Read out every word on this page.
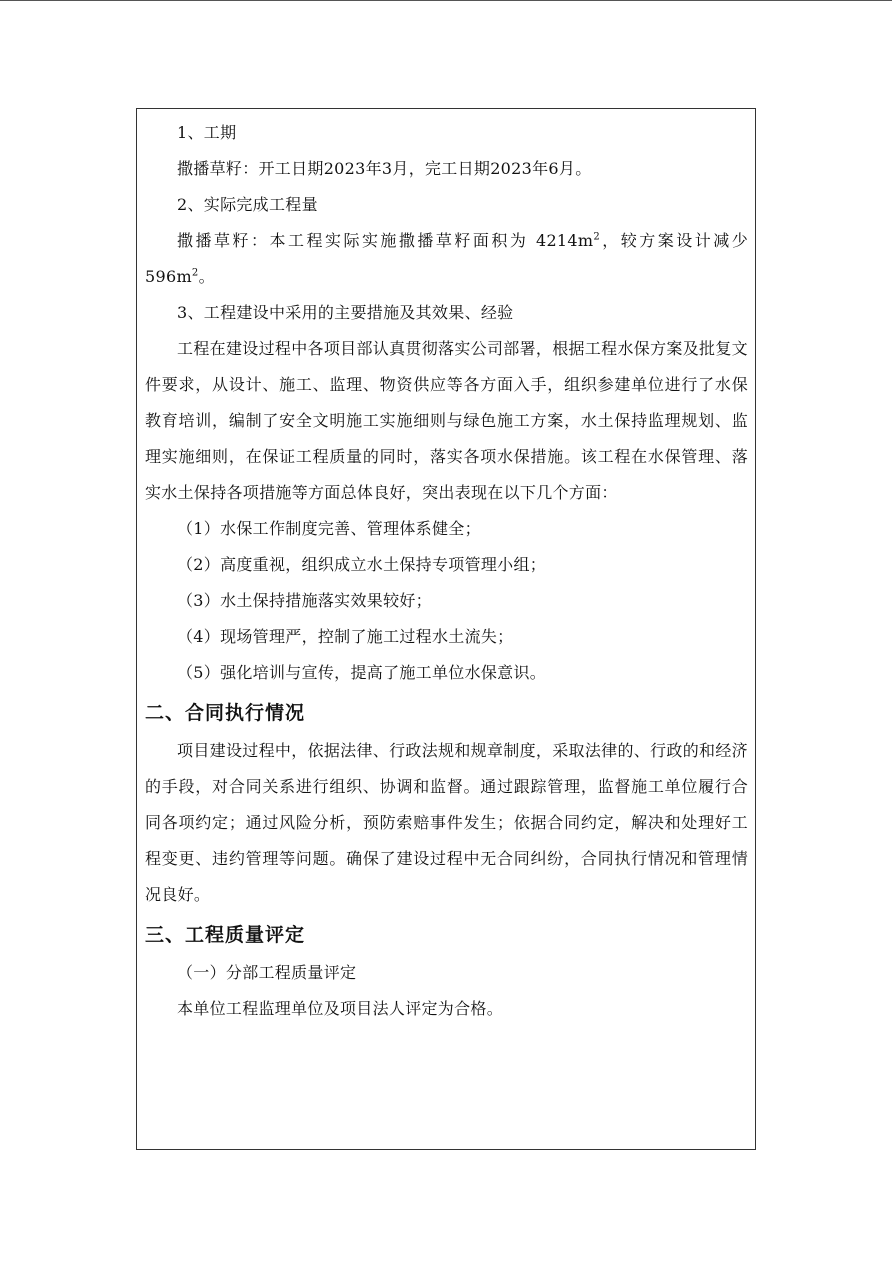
1、工期

撒播草籽：开工日期2023年3月，完工日期2023年6月。

2、实际完成工程量

撒播草籽：本工程实际实施撒播草籽面积为 $4214m^2$，较方案设计减少$596m^2$。

3、工程建设中采用的主要措施及其效果、经验

工程在建设过程中各项目部认真贯彻落实公司部署，根据工程水保方案及批复文件要求，从设计、施工、监理、物资供应等各方面入手，组织参建单位进行了水保教育培训，编制了安全文明施工实施细则与绿色施工方案，水土保持监理规划、监理实施细则，在保证工程质量的同时，落实各项水保措施。该工程在水保管理、落实水土保持各项措施等方面总体良好，突出表现在以下几个方面：

（1）水保工作制度完善、管理体系健全；

（2）高度重视，组织成立水土保持专项管理小组；

（3）水土保持措施落实效果较好；

（4）现场管理严，控制了施工过程水土流失；

（5）强化培训与宣传，提高了施工单位水保意识。

二、合同执行情况

项目建设过程中，依据法律、行政法规和规章制度，采取法律的、行政的和经济的手段，对合同关系进行组织、协调和监督。通过跟踪管理，监督施工单位履行合同各项约定；通过风险分析，预防索赔事件发生；依据合同约定，解决和处理好工程变更、违约管理等问题。确保了建设过程中无合同纠纷，合同执行情况和管理情况良好。

三、工程质量评定

（一）分部工程质量评定

本单位工程监理单位及项目法人评定为合格。
